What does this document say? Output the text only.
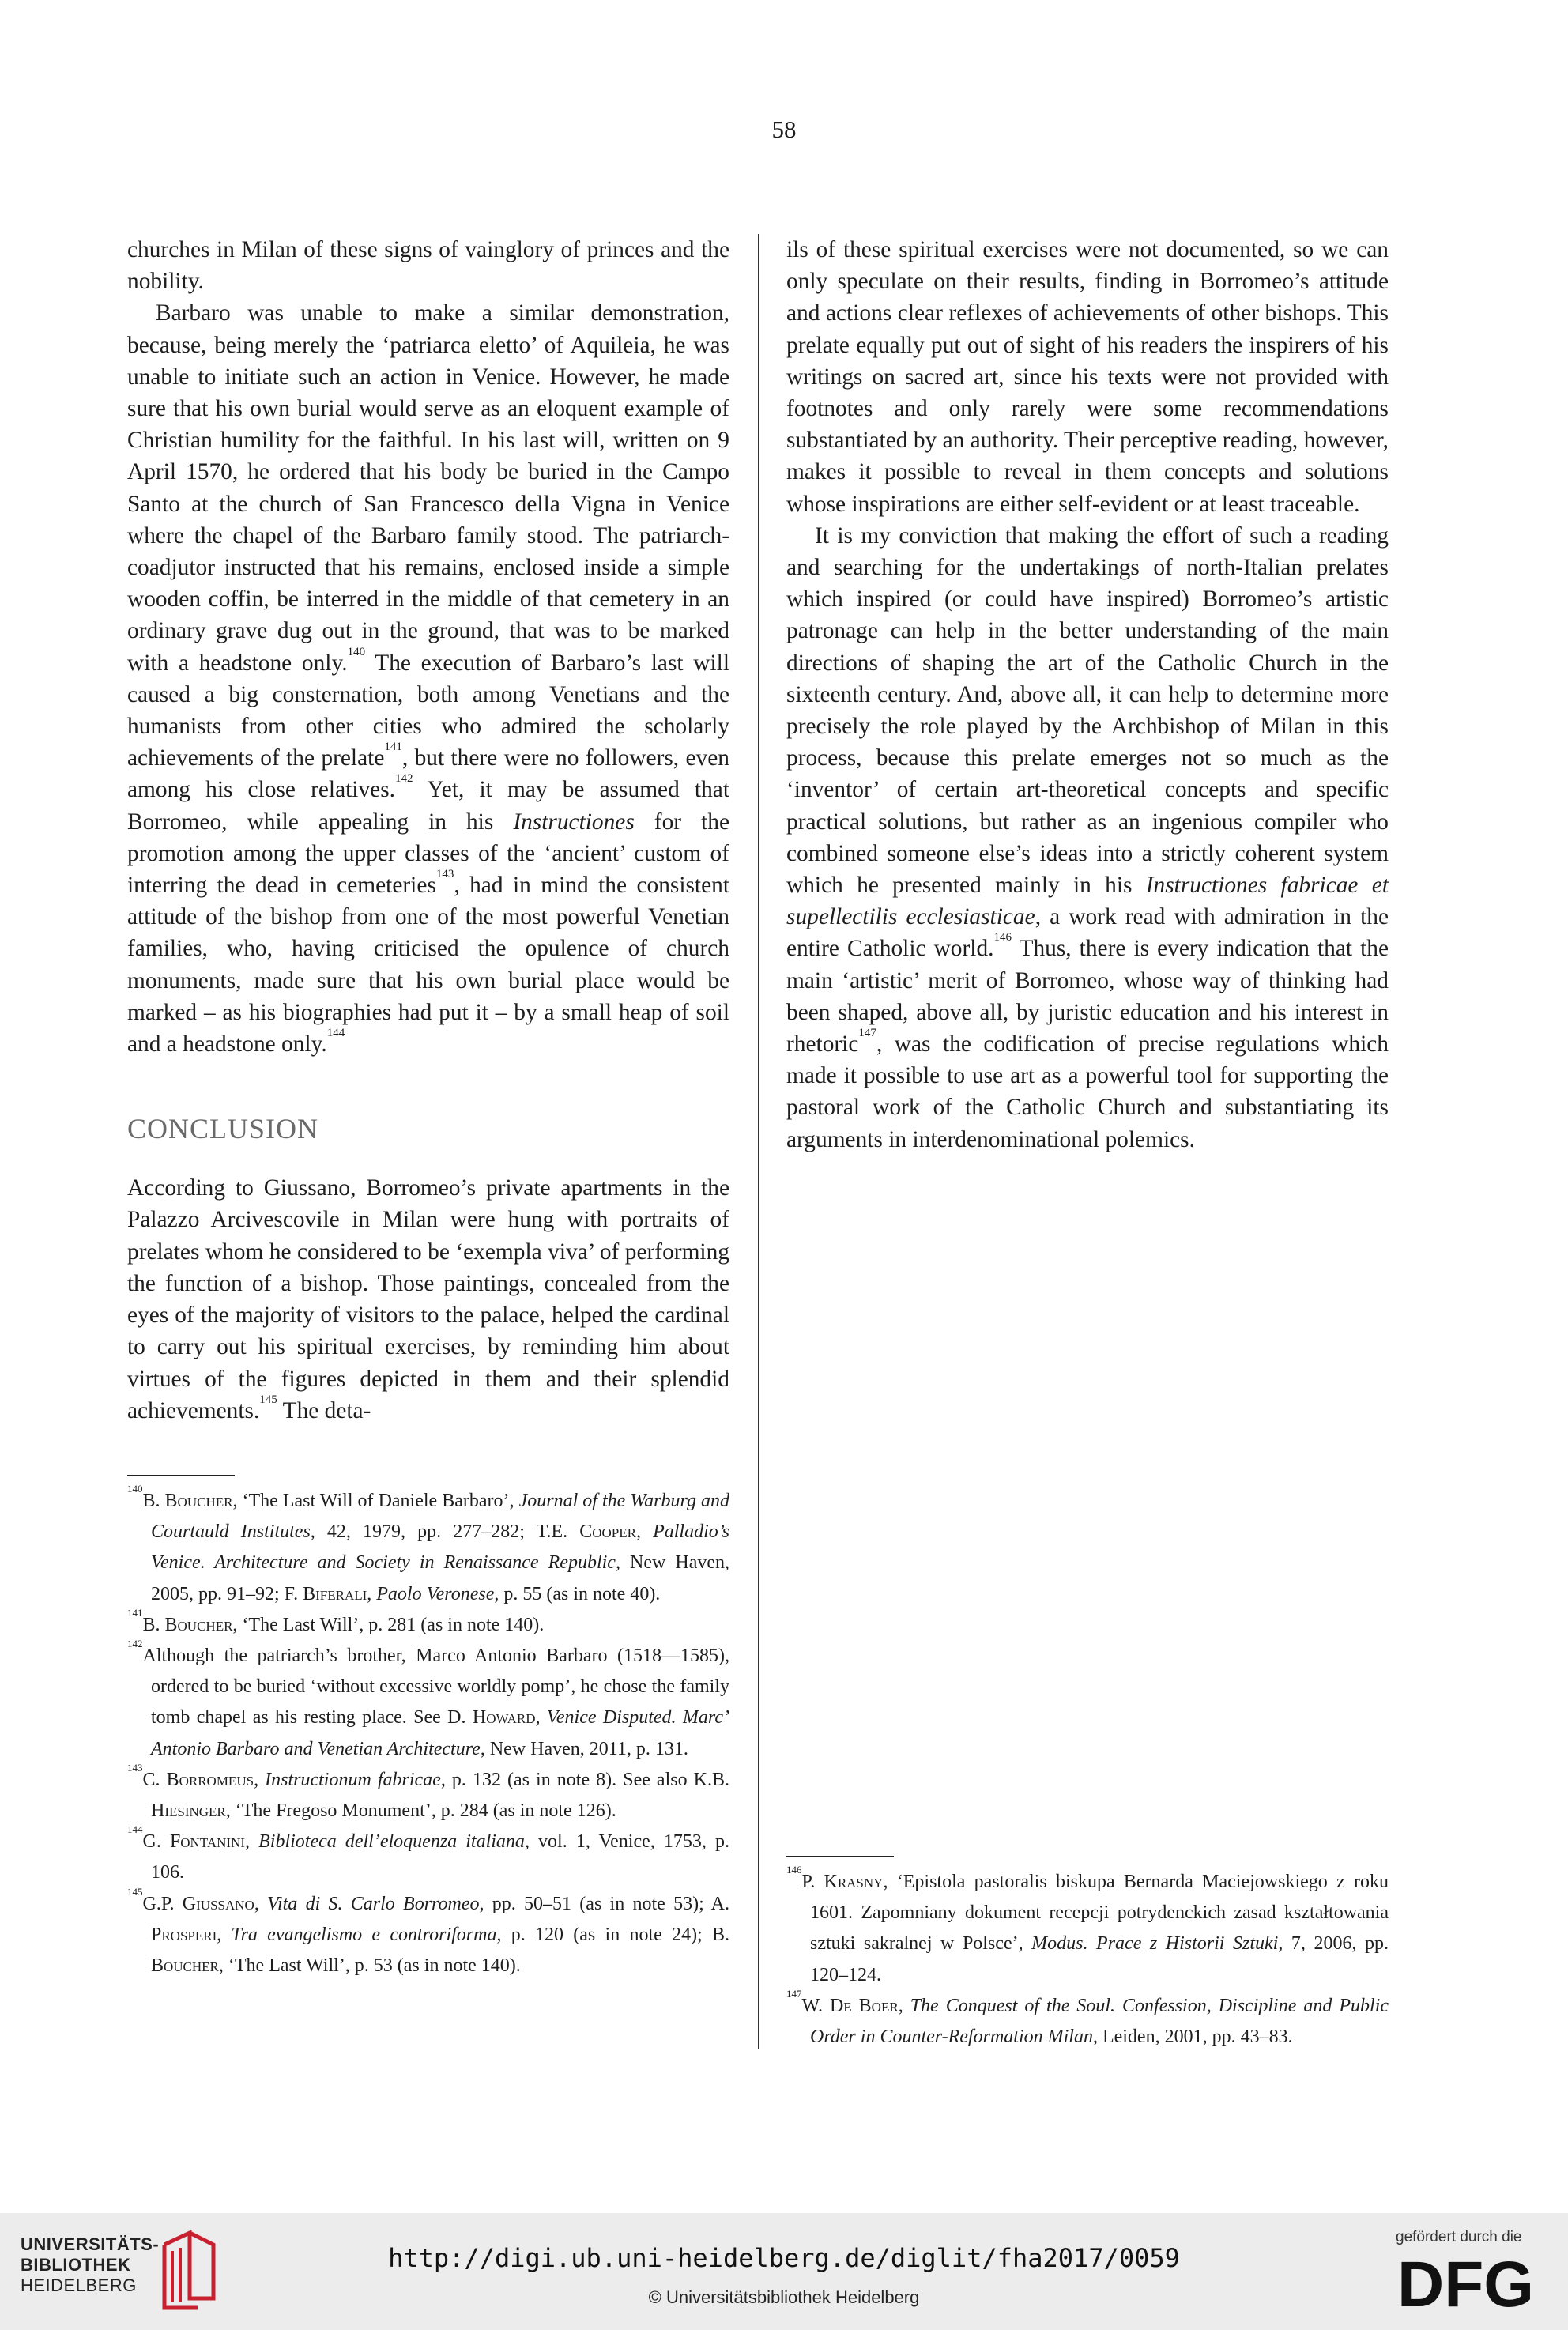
58

churches in Milan of these signs of vainglory of princes and the nobility.

Barbaro was unable to make a similar demonstration, because, being merely the ‘patriarca eletto’ of Aquileia, he was unable to initiate such an action in Venice. However, he made sure that his own burial would serve as an eloquent example of Christian humility for the faithful. In his last will, written on 9 April 1570, he ordered that his body be buried in the Campo Santo at the church of San Francesco della Vigna in Venice where the chapel of the Barbaro family stood. The patriarch-coadjutor instructed that his remains, enclosed inside a simple wooden coffin, be interred in the middle of that cemetery in an ordinary grave dug out in the ground, that was to be marked with a headstone only.$^{140}$ The execution of Barbaro’s last will caused a big consternation, both among Venetians and the humanists from other cities who admired the scholarly achievements of the prelate$^{141}$, but there were no followers, even among his close relatives.$^{142}$ Yet, it may be assumed that Borromeo, while appealing in his Instructiones for the promotion among the upper classes of the ‘ancient’ custom of interring the dead in cemeteries$^{143}$, had in mind the consistent attitude of the bishop from one of the most powerful Venetian families, who, having criticised the opulence of church monuments, made sure that his own burial place would be marked – as his biographies had put it – by a small heap of soil and a headstone only.$^{144}$

CONCLUSION

According to Giussano, Borromeo’s private apartments in the Palazzo Arcivescovile in Milan were hung with portraits of prelates whom he considered to be ‘exempla viva’ of performing the function of a bishop. Those paintings, concealed from the eyes of the majority of visitors to the palace, helped the cardinal to carry out his spiritual exercises, by reminding him about virtues of the figures depicted in them and their splendid achievements.$^{145}$ The deta-

ils of these spiritual exercises were not documented, so we can only speculate on their results, finding in Borromeo’s attitude and actions clear reflexes of achievements of other bishops. This prelate equally put out of sight of his readers the inspirers of his writings on sacred art, since his texts were not provided with footnotes and only rarely were some recommendations substantiated by an authority. Their perceptive reading, however, makes it possible to reveal in them concepts and solutions whose inspirations are either self-evident or at least traceable.

It is my conviction that making the effort of such a reading and searching for the undertakings of north-Italian prelates which inspired (or could have inspired) Borromeo’s artistic patronage can help in the better understanding of the main directions of shaping the art of the Catholic Church in the sixteenth century. And, above all, it can help to determine more precisely the role played by the Archbishop of Milan in this process, because this prelate emerges not so much as the ‘inventor’ of certain art-theoretical concepts and specific practical solutions, but rather as an ingenious compiler who combined someone else’s ideas into a strictly coherent system which he presented mainly in his Instructiones fabricae et supellectilis ecclesiasticae, a work read with admiration in the entire Catholic world.$^{146}$ Thus, there is every indication that the main ‘artistic’ merit of Borromeo, whose way of thinking had been shaped, above all, by juristic education and his interest in rhetoric$^{147}$, was the codification of precise regulations which made it possible to use art as a powerful tool for supporting the pastoral work of the Catholic Church and substantiating its arguments in interdenominational polemics.

$^{140}$B. Boucher, ‘The Last Will of Daniele Barbaro’, Journal of the Warburg and Courtauld Institutes, 42, 1979, pp. 277–282; T.E. Cooper, Palladio’s Venice. Architecture and Society in Renaissance Republic, New Haven, 2005, pp. 91–92; F. Biferali, Paolo Veronese, p. 55 (as in note 40).

$^{141}$B. Boucher, ‘The Last Will’, p. 281 (as in note 140).

$^{142}$Although the patriarch’s brother, Marco Antonio Barbaro (1518––1585), ordered to be buried ‘without excessive worldly pomp’, he chose the family tomb chapel as his resting place. See D. Howard, Venice Disputed. Marc’ Antonio Barbaro and Venetian Architecture, New Haven, 2011, p. 131.

$^{143}$C. Borromeus, Instructionum fabricae, p. 132 (as in note 8). See also K.B. Hiesinger, ‘The Fregoso Monument’, p. 284 (as in note 126).

$^{144}$G. Fontanini, Biblioteca dell’eloquenza italiana, vol. 1, Venice, 1753, p. 106.

$^{145}$G.P. Giussano, Vita di S. Carlo Borromeo, pp. 50–51 (as in note 53); A. Prosperi, Tra evangelismo e controriforma, p. 120 (as in note 24); B. Boucher, ‘The Last Will’, p. 53 (as in note 140).

$^{146}$P. Krasny, ‘Epistola pastoralis biskupa Bernarda Maciejowskiego z roku 1601. Zapomniany dokument recepcji potrydenckich zasad kształtowania sztuki sakralnej w Polsce’, Modus. Prace z Historii Sztuki, 7, 2006, pp. 120–124.

$^{147}$W. De Boer, The Conquest of the Soul. Confession, Discipline and Public Order in Counter-Reformation Milan, Leiden, 2001, pp. 43–83.

UNIVERSITÄTS-
BIBLIOTHEK
HEIDELBERG
http://digi.ub.uni-heidelberg.de/diglit/fha2017/0059
© Universitätsbibliothek Heidelberg
gefördert durch die
DFG
